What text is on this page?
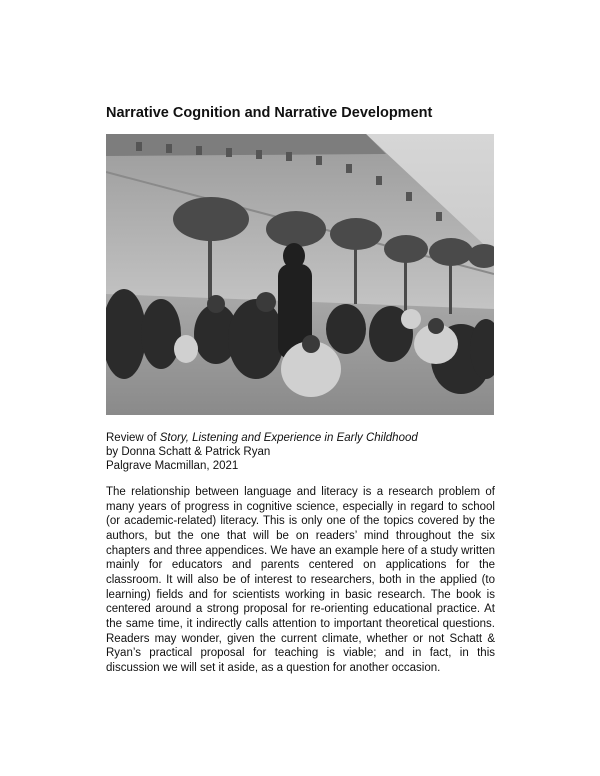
Narrative Cognition and Narrative Development
Review of Story, Listening and Experience in Early Childhood
by Donna Schatt & Patrick Ryan
Palgrave Macmillan, 2021

The relationship between language and literacy is a research problem of many years of progress in cognitive science, especially in regard to school (or academic-related) literacy. This is only one of the topics covered by the authors, but the one that will be on readers’ mind throughout the six chapters and three appendices. We have an example here of a study written mainly for educators and parents centered on applications for the classroom. It will also be of interest to researchers, both in the applied (to learning) fields and for scientists working in basic research. The book is centered around a strong proposal for re-orienting educational practice. At the same time, it indirectly calls attention to important theoretical questions. Readers may wonder, given the current climate, whether or not Schatt & Ryan’s practical proposal for teaching is viable; and in fact, in this discussion we will set it aside, as a question for another occasion.
